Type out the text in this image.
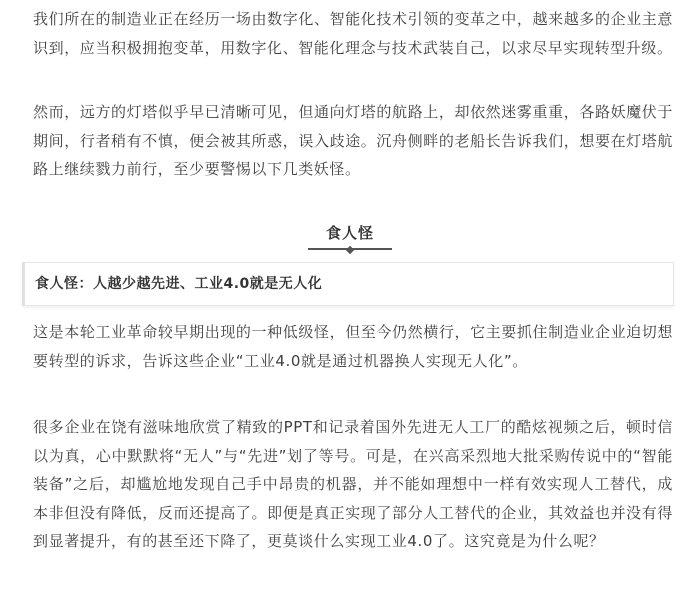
我们所在的制造业正在经历一场由数字化、智能化技术引领的变革之中，越来越多的企业主意识到，应当积极拥抱变革，用数字化、智能化理念与技术武装自己，以求尽早实现转型升级。

然而，远方的灯塔似乎早已清晰可见，但通向灯塔的航路上，却依然迷雾重重，各路妖魔伏于期间，行者稍有不慎，便会被其所惑，误入歧途。沉舟侧畔的老船长告诉我们，想要在灯塔航路上继续戮力前行，至少要警惕以下几类妖怪。

食人怪
食人怪：人越少越先进、工业4.0就是无人化

这是本轮工业革命较早期出现的一种低级怪，但至今仍然横行，它主要抓住制造业企业迫切想要转型的诉求，告诉这些企业“工业4.0就是通过机器换人实现无人化”。

很多企业在饶有滋味地欣赏了精致的PPT和记录着国外先进无人工厂的酷炫视频之后，顿时信以为真，心中默默将“无人”与“先进”划了等号。可是，在兴高采烈地大批采购传说中的“智能装备”之后，却尴尬地发现自己手中昂贵的机器，并不能如理想中一样有效实现人工替代，成本非但没有降低，反而还提高了。即便是真正实现了部分人工替代的企业，其效益也并没有得到显著提升，有的甚至还下降了，更莫谈什么实现工业4.0了。这究竟是为什么呢？
